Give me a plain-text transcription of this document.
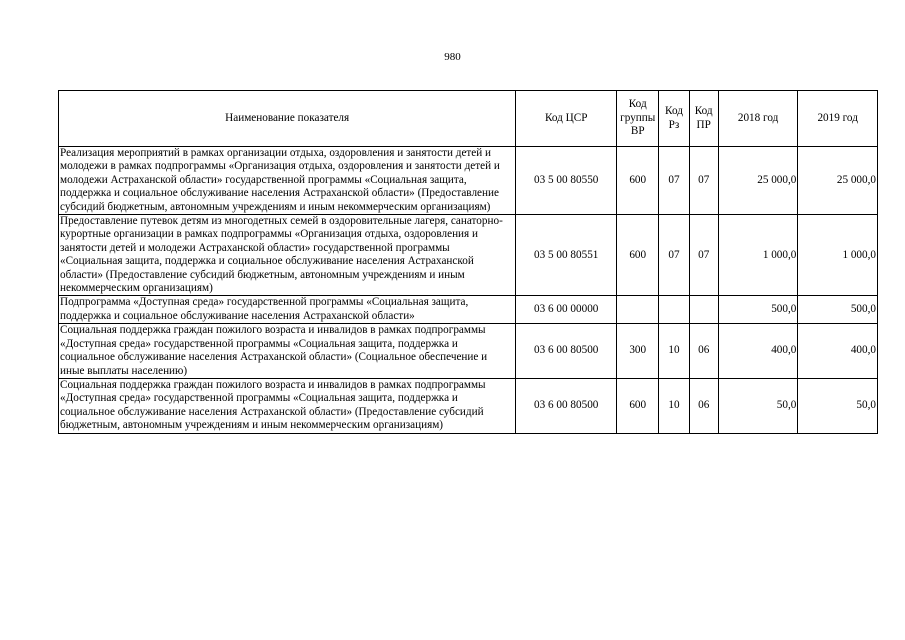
980
Наименование показателя	Код ЦСР	Код
группы
ВР	Код
Рз	Код
ПР	2018 год	2019 год
Реализация мероприятий в рамках организации отдыха, оздоровления и занятости детей и молодежи в рамках подпрограммы «Организация отдыха, оздоровления и занятости детей и молодежи Астраханской области» государственной программы «Социальная защита, поддержка и социальное обслуживание населения Астраханской области» (Предоставление субсидий бюджетным, автономным учреждениям и иным некоммерческим организациям)	03 5 00 80550	600	07	07	25 000,0	25 000,0
Предоставление путевок детям из многодетных семей в оздоровительные лагеря, санаторно-курортные организации в рамках подпрограммы «Организация отдыха, оздоровления и занятости детей и молодежи Астраханской области» государственной программы «Социальная защита, поддержка и социальное обслуживание населения Астраханской области» (Предоставление субсидий бюджетным, автономным учреждениям и иным некоммерческим организациям)	03 5 00 80551	600	07	07	1 000,0	1 000,0
Подпрограмма «Доступная среда» государственной программы «Социальная защита, поддержка и социальное обслуживание населения Астраханской области»	03 6 00 00000				500,0	500,0
Социальная поддержка граждан пожилого возраста и инвалидов в рамках подпрограммы «Доступная среда» государственной программы «Социальная защита, поддержка и социальное обслуживание населения Астраханской области» (Социальное обеспечение и иные выплаты населению)	03 6 00 80500	300	10	06	400,0	400,0
Социальная поддержка граждан пожилого возраста и инвалидов в рамках подпрограммы «Доступная среда» государственной программы «Социальная защита, поддержка и социальное обслуживание населения Астраханской области» (Предоставление субсидий бюджетным, автономным учреждениям и иным некоммерческим организациям)	03 6 00 80500	600	10	06	50,0	50,0
